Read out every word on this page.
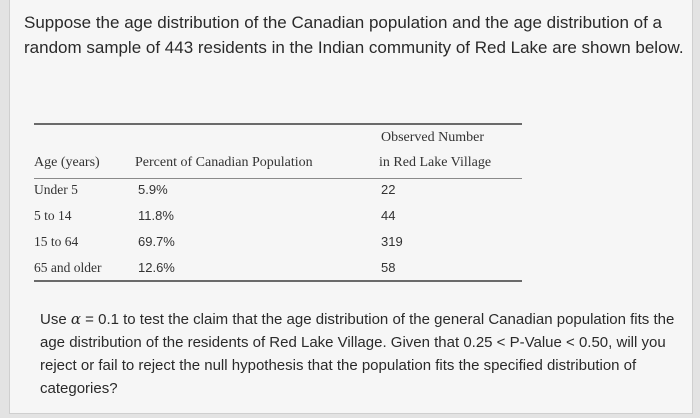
Suppose the age distribution of the Canadian population and the age distribution of a random sample of 443 residents in the Indian community of Red Lake are shown below.

Observed Number
Age (years)	Percent of Canadian Population	in Red Lake Village
Under 5	5.9%	22
5 to 14	11.8%	44
15 to 64	69.7%	319
65 and older	12.6%	58

Use α = 0.1 to test the claim that the age distribution of the general Canadian population fits the age distribution of the residents of Red Lake Village. Given that 0.25 < P-Value < 0.50, will you reject or fail to reject the null hypothesis that the population fits the specified distribution of categories?
